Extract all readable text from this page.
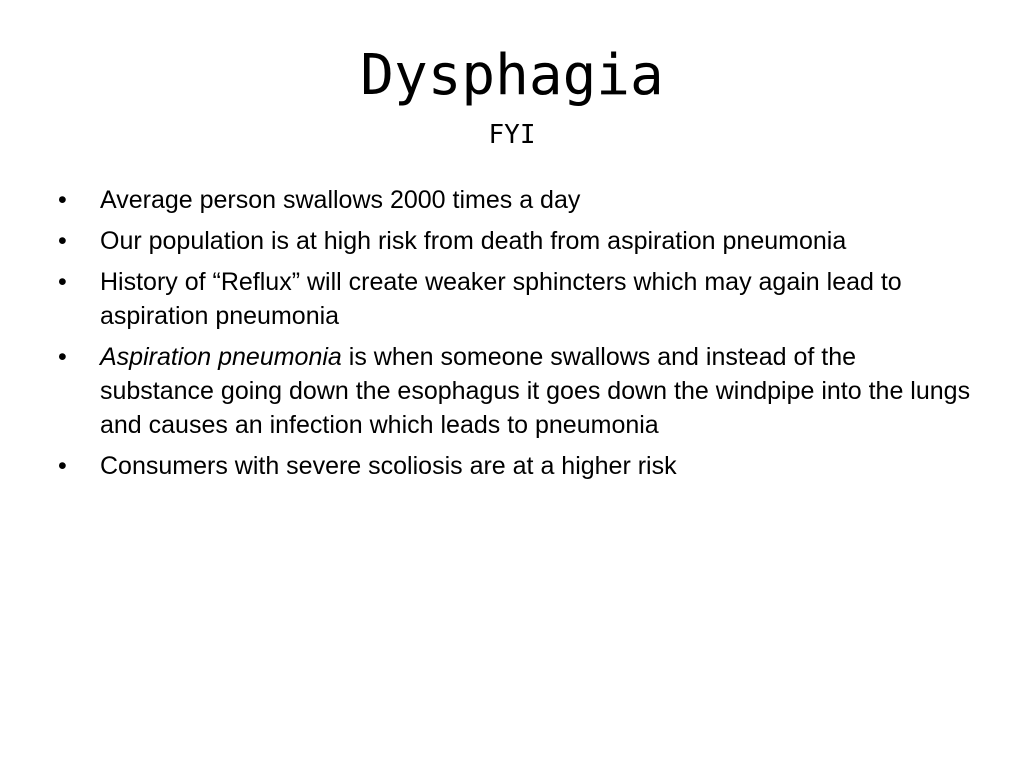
Dysphagia
FYI
• Average person swallows 2000 times a day
• Our population is at high risk from death from aspiration pneumonia
• History of “Reflux” will create weaker sphincters which may again lead to aspiration pneumonia
• Aspiration pneumonia is when someone swallows and instead of the substance going down the esophagus it goes down the windpipe into the lungs and causes an infection which leads to pneumonia
• Consumers with severe scoliosis are at a higher risk
